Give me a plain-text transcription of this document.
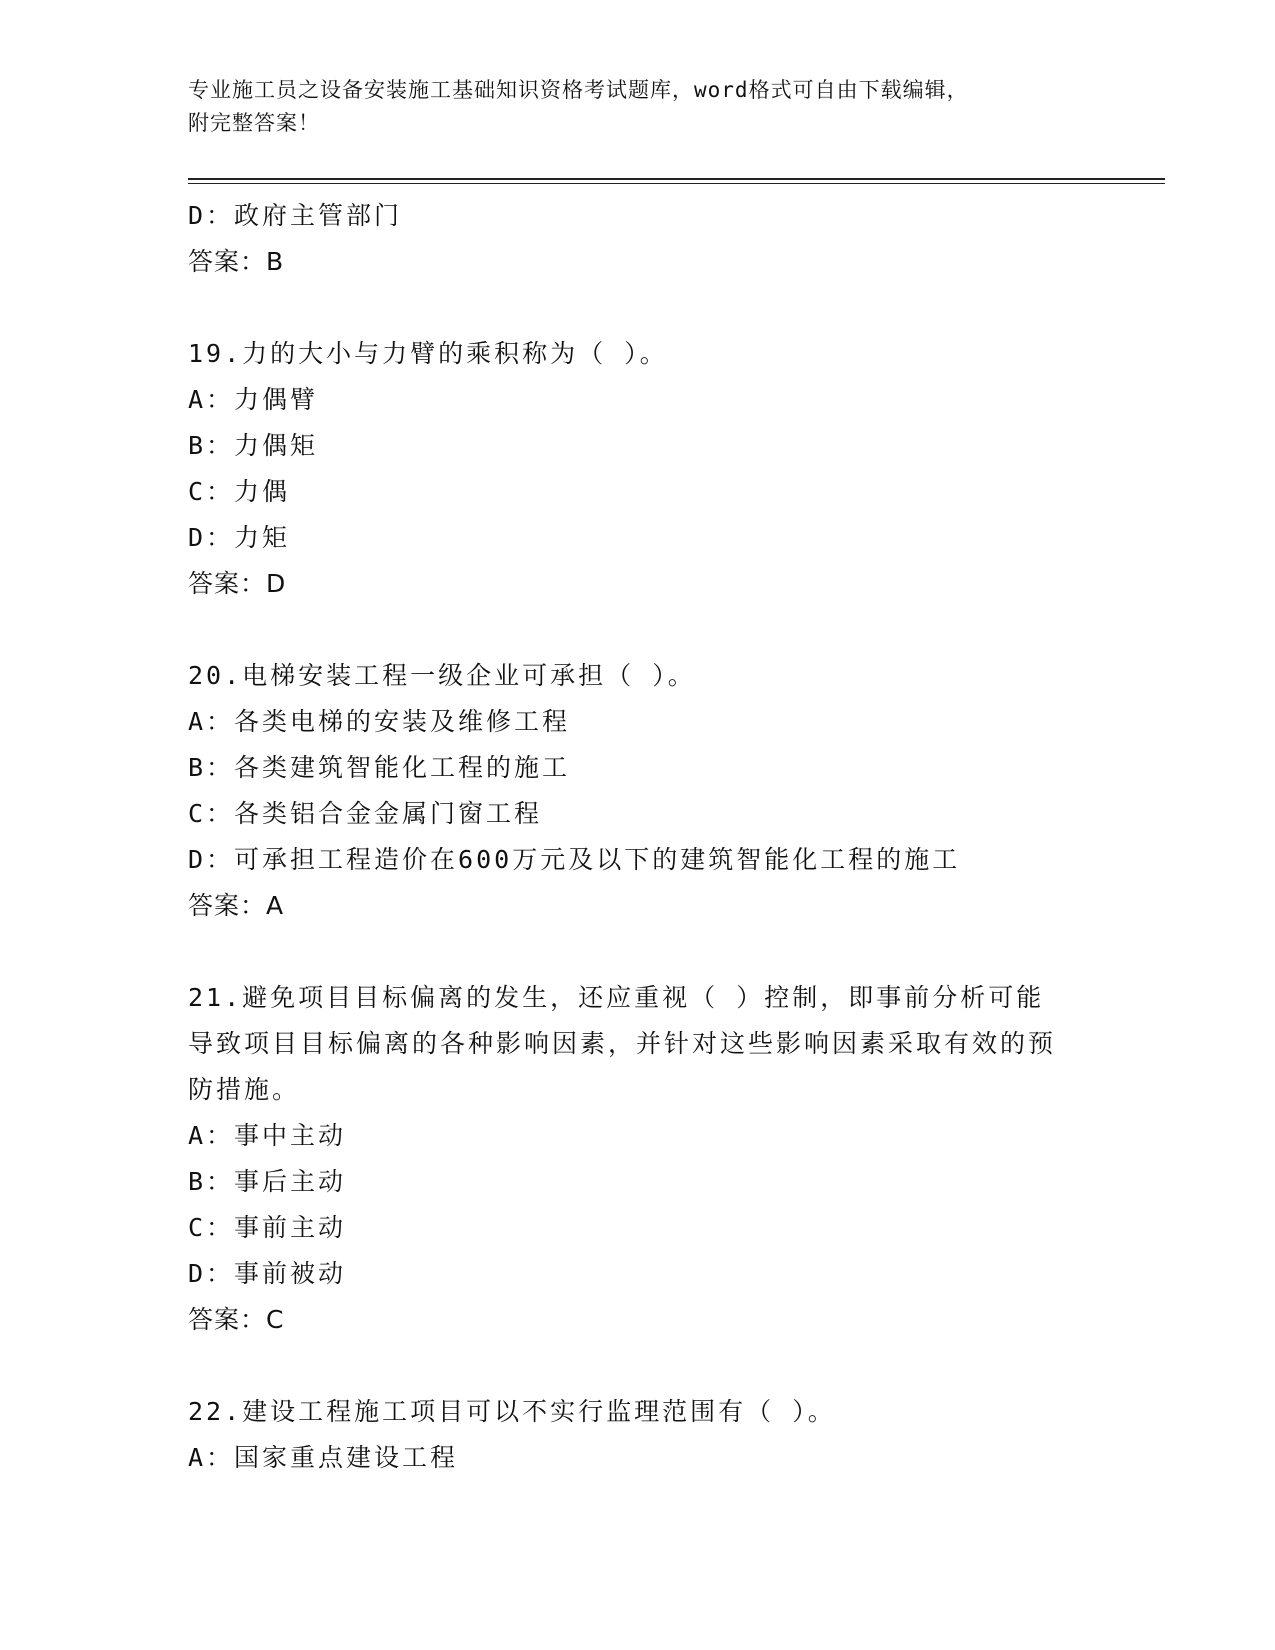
专业施工员之设备安装施工基础知识资格考试题库，word格式可自由下载编辑，
附完整答案！
D：政府主管部门
答案：B
19.力的大小与力臂的乘积称为（ ）。
A：力偶臂
B：力偶矩
C：力偶
D：力矩
答案：D
20.电梯安装工程一级企业可承担（ ）。
A：各类电梯的安装及维修工程
B：各类建筑智能化工程的施工
C：各类铝合金金属门窗工程
D：可承担工程造价在600万元及以下的建筑智能化工程的施工
答案：A
21.避免项目目标偏离的发生，还应重视（ ）控制，即事前分析可能导致项目目标偏离的各种影响因素，并针对这些影响因素采取有效的预防措施。
A：事中主动
B：事后主动
C：事前主动
D：事前被动
答案：C
22.建设工程施工项目可以不实行监理范围有（ ）。
A：国家重点建设工程
